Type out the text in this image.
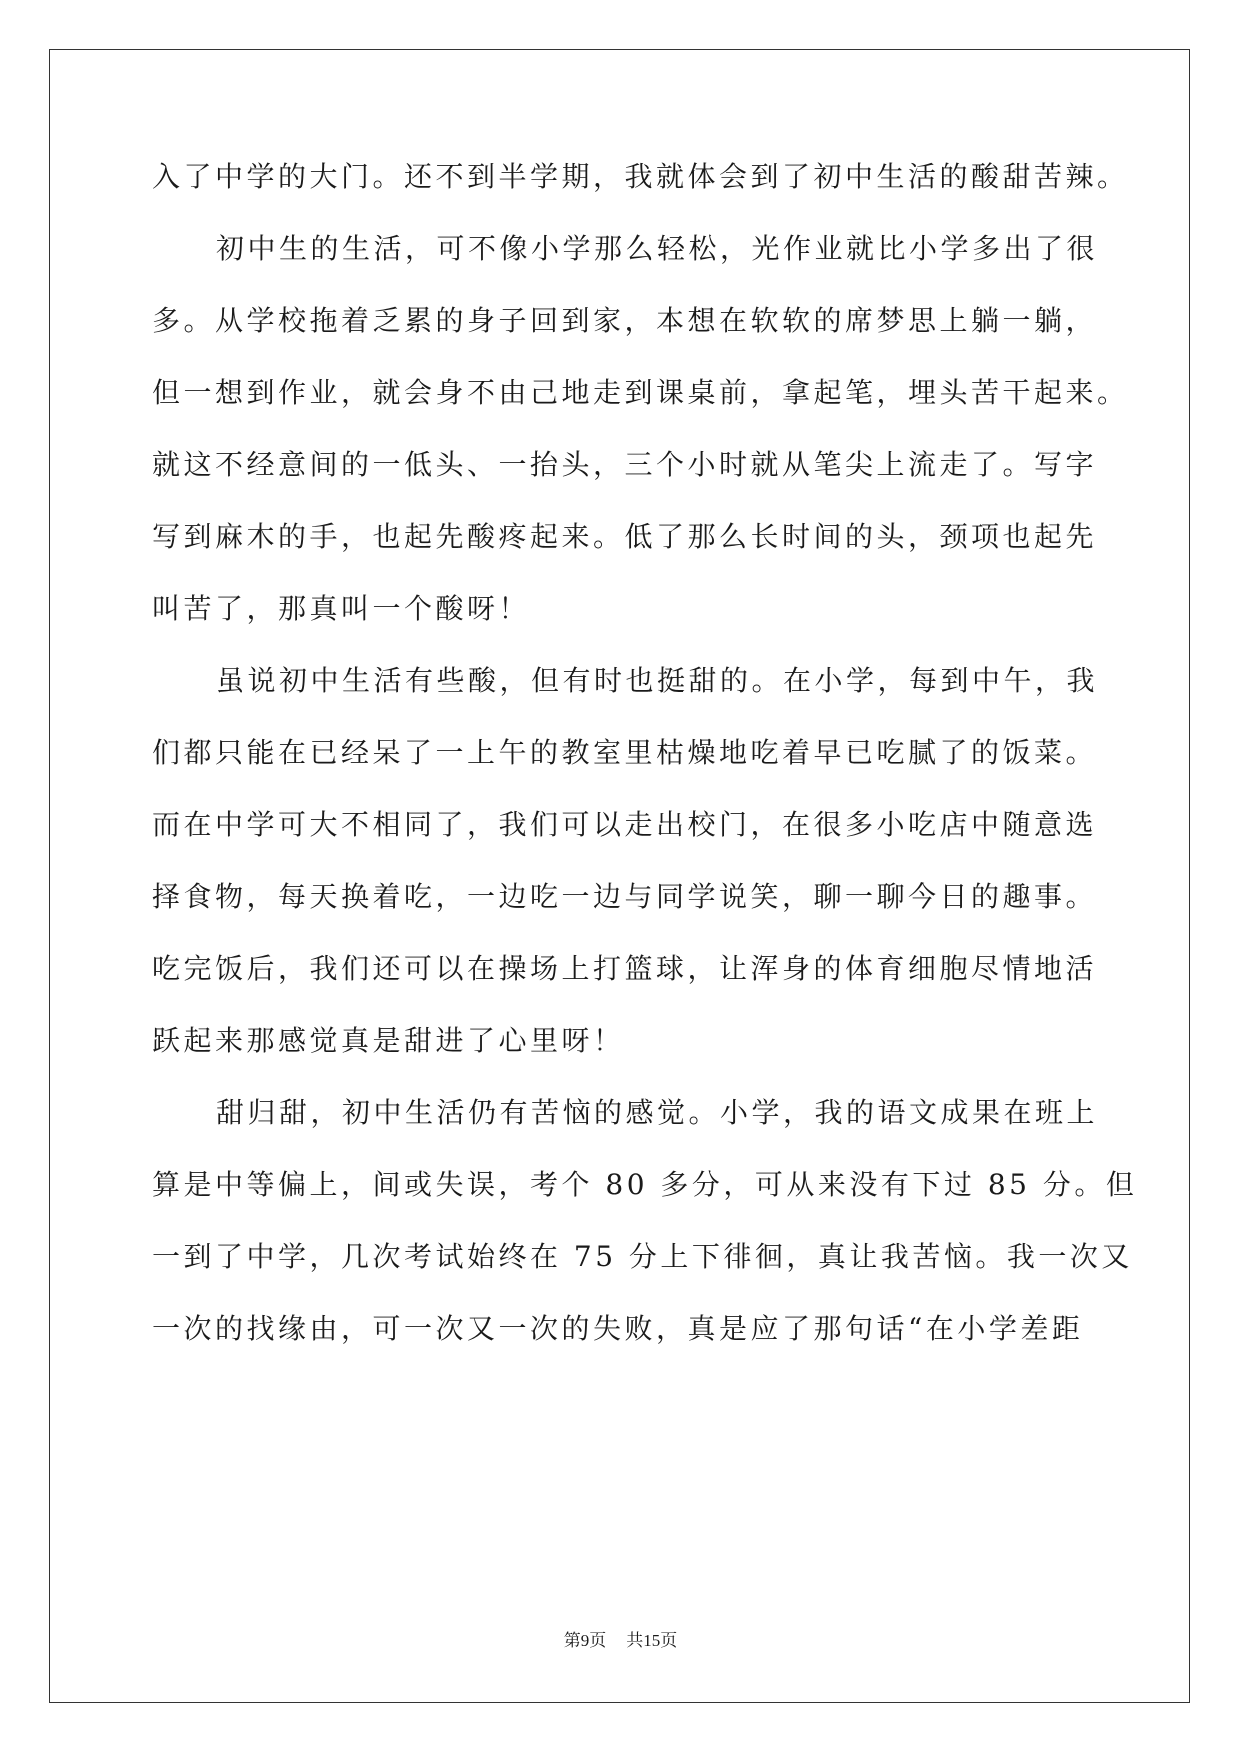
入了中学的大门。还不到半学期，我就体会到了初中生活的酸甜苦辣。
初中生的生活，可不像小学那么轻松，光作业就比小学多出了很
多。从学校拖着乏累的身子回到家，本想在软软的席梦思上躺一躺，
但一想到作业，就会身不由己地走到课桌前，拿起笔，埋头苦干起来。
就这不经意间的一低头、一抬头，三个小时就从笔尖上流走了。写字
写到麻木的手，也起先酸疼起来。低了那么长时间的头，颈项也起先
叫苦了，那真叫一个酸呀！
虽说初中生活有些酸，但有时也挺甜的。在小学，每到中午，我
们都只能在已经呆了一上午的教室里枯燥地吃着早已吃腻了的饭菜。
而在中学可大不相同了，我们可以走出校门，在很多小吃店中随意选
择食物，每天换着吃，一边吃一边与同学说笑，聊一聊今日的趣事。
吃完饭后，我们还可以在操场上打篮球，让浑身的体育细胞尽情地活
跃起来那感觉真是甜进了心里呀！
甜归甜，初中生活仍有苦恼的感觉。小学，我的语文成果在班上
算是中等偏上，间或失误，考个 80 多分，可从来没有下过 85 分。但
一到了中学，几次考试始终在 75 分上下徘徊，真让我苦恼。我一次又
一次的找缘由，可一次又一次的失败，真是应了那句话“在小学差距
第9页 共15页
